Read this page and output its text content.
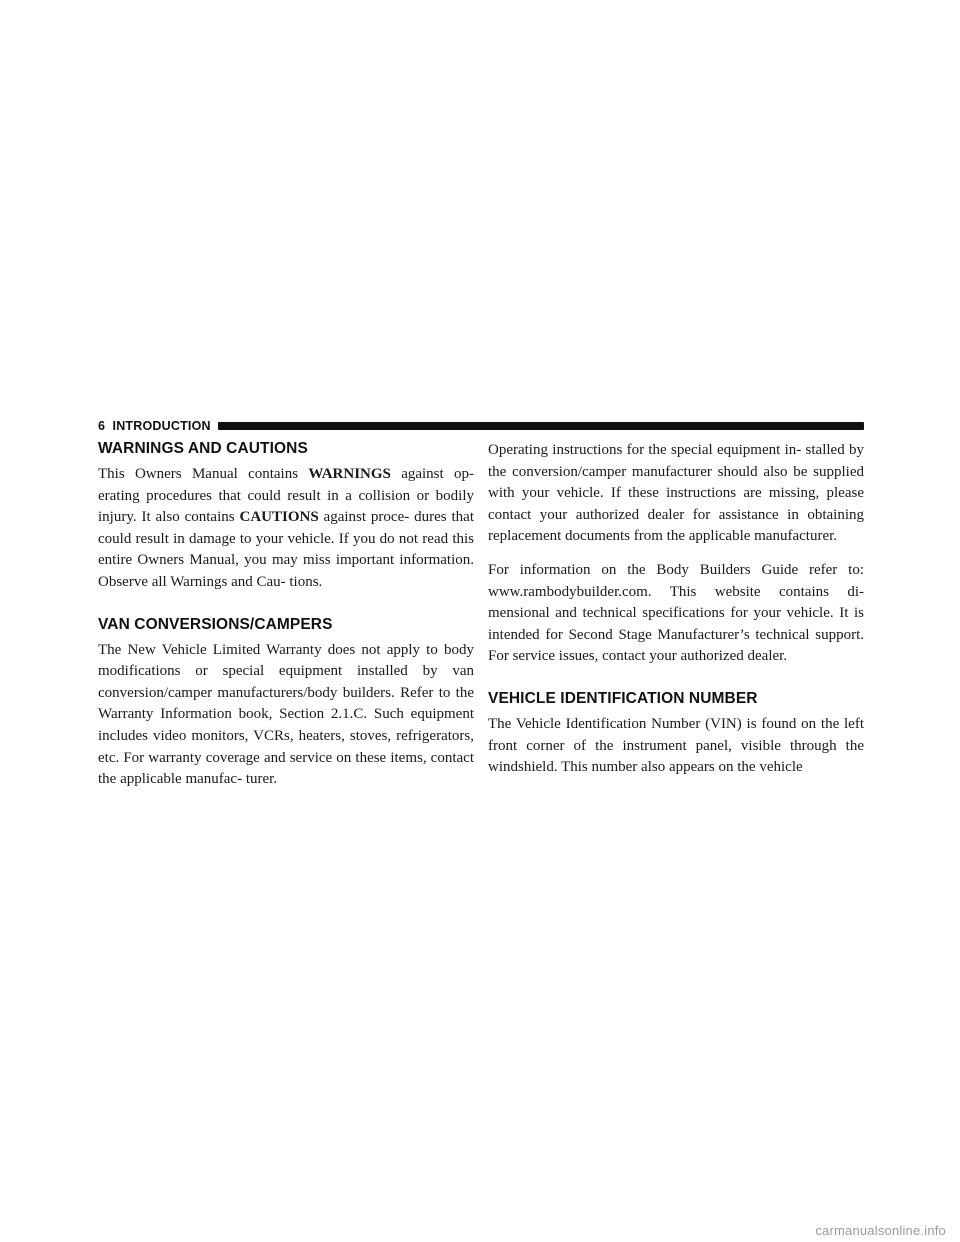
6 INTRODUCTION
WARNINGS AND CAUTIONS

This Owners Manual contains WARNINGS against op- erating procedures that could result in a collision or bodily injury. It also contains CAUTIONS against proce- dures that could result in damage to your vehicle. If you do not read this entire Owners Manual, you may miss important information. Observe all Warnings and Cau- tions.

VAN CONVERSIONS/CAMPERS

The New Vehicle Limited Warranty does not apply to body modifications or special equipment installed by van conversion/camper manufacturers/body builders. Refer to the Warranty Information book, Section 2.1.C. Such equipment includes video monitors, VCRs, heaters, stoves, refrigerators, etc. For warranty coverage and service on these items, contact the applicable manufac- turer.

Operating instructions for the special equipment in- stalled by the conversion/camper manufacturer should also be supplied with your vehicle. If these instructions are missing, please contact your authorized dealer for assistance in obtaining replacement documents from the applicable manufacturer.

For information on the Body Builders Guide refer to: www.rambodybuilder.com. This website contains di- mensional and technical specifications for your vehicle. It is intended for Second Stage Manufacturer’s technical support. For service issues, contact your authorized dealer.

VEHICLE IDENTIFICATION NUMBER

The Vehicle Identification Number (VIN) is found on the left front corner of the instrument panel, visible through the windshield. This number also appears on the vehicle

carmanualsonline.info
